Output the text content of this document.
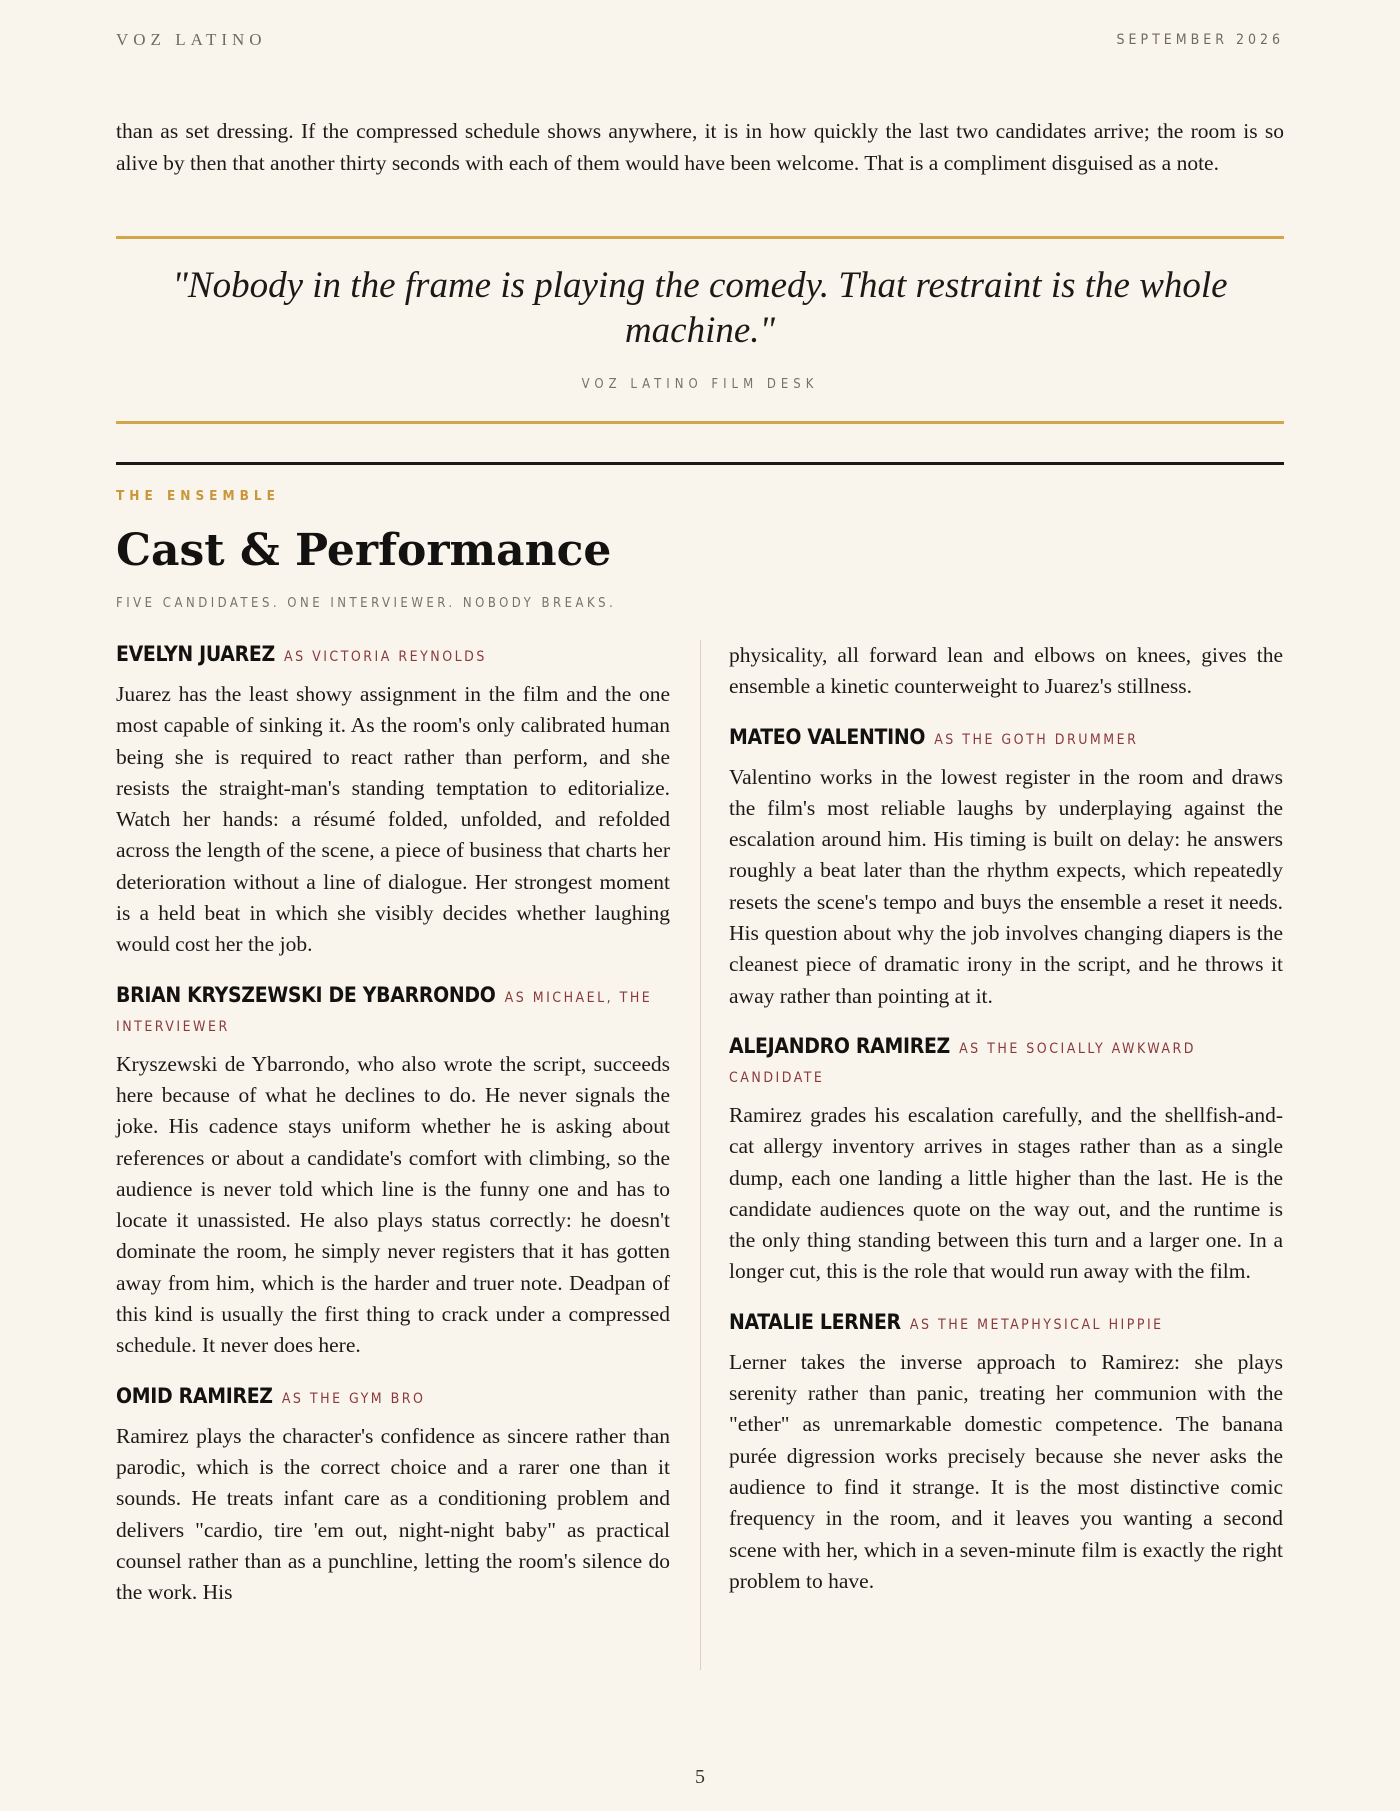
VOZ LATINO	SEPTEMBER 2026

than as set dressing. If the compressed schedule shows anywhere, it is in how quickly the last two candidates arrive; the room is so alive by then that another thirty seconds with each of them would have been welcome. That is a compliment disguised as a note.

"Nobody in the frame is playing the comedy. That restraint is the whole machine."
VOZ LATINO FILM DESK
THE ENSEMBLE
Cast & Performance
FIVE CANDIDATES. ONE INTERVIEWER. NOBODY BREAKS.
EVELYN JUAREZ AS VICTORIA REYNOLDS

Juarez has the least showy assignment in the film and the one most capable of sinking it. As the room's only calibrated human being she is required to react rather than perform, and she resists the straight-man's standing temptation to editorialize. Watch her hands: a résumé folded, unfolded, and refolded across the length of the scene, a piece of business that charts her deterioration without a line of dialogue. Her strongest moment is a held beat in which she visibly decides whether laughing would cost her the job.

BRIAN KRYSZEWSKI DE YBARRONDO AS MICHAEL, THE INTERVIEWER

Kryszewski de Ybarrondo, who also wrote the script, succeeds here because of what he declines to do. He never signals the joke. His cadence stays uniform whether he is asking about references or about a candidate's comfort with climbing, so the audience is never told which line is the funny one and has to locate it unassisted. He also plays status correctly: he doesn't dominate the room, he simply never registers that it has gotten away from him, which is the harder and truer note. Deadpan of this kind is usually the first thing to crack under a compressed schedule. It never does here.

OMID RAMIREZ AS THE GYM BRO

Ramirez plays the character's confidence as sincere rather than parodic, which is the correct choice and a rarer one than it sounds. He treats infant care as a conditioning problem and delivers "cardio, tire 'em out, night-night baby" as practical counsel rather than as a punchline, letting the room's silence do the work. His

physicality, all forward lean and elbows on knees, gives the ensemble a kinetic counterweight to Juarez's stillness.

MATEO VALENTINO AS THE GOTH DRUMMER

Valentino works in the lowest register in the room and draws the film's most reliable laughs by underplaying against the escalation around him. His timing is built on delay: he answers roughly a beat later than the rhythm expects, which repeatedly resets the scene's tempo and buys the ensemble a reset it needs. His question about why the job involves changing diapers is the cleanest piece of dramatic irony in the script, and he throws it away rather than pointing at it.

ALEJANDRO RAMIREZ AS THE SOCIALLY AWKWARD CANDIDATE

Ramirez grades his escalation carefully, and the shellfish-and-cat allergy inventory arrives in stages rather than as a single dump, each one landing a little higher than the last. He is the candidate audiences quote on the way out, and the runtime is the only thing standing between this turn and a larger one. In a longer cut, this is the role that would run away with the film.

NATALIE LERNER AS THE METAPHYSICAL HIPPIE

Lerner takes the inverse approach to Ramirez: she plays serenity rather than panic, treating her communion with the "ether" as unremarkable domestic competence. The banana purée digression works precisely because she never asks the audience to find it strange. It is the most distinctive comic frequency in the room, and it leaves you wanting a second scene with her, which in a seven-minute film is exactly the right problem to have.

5
